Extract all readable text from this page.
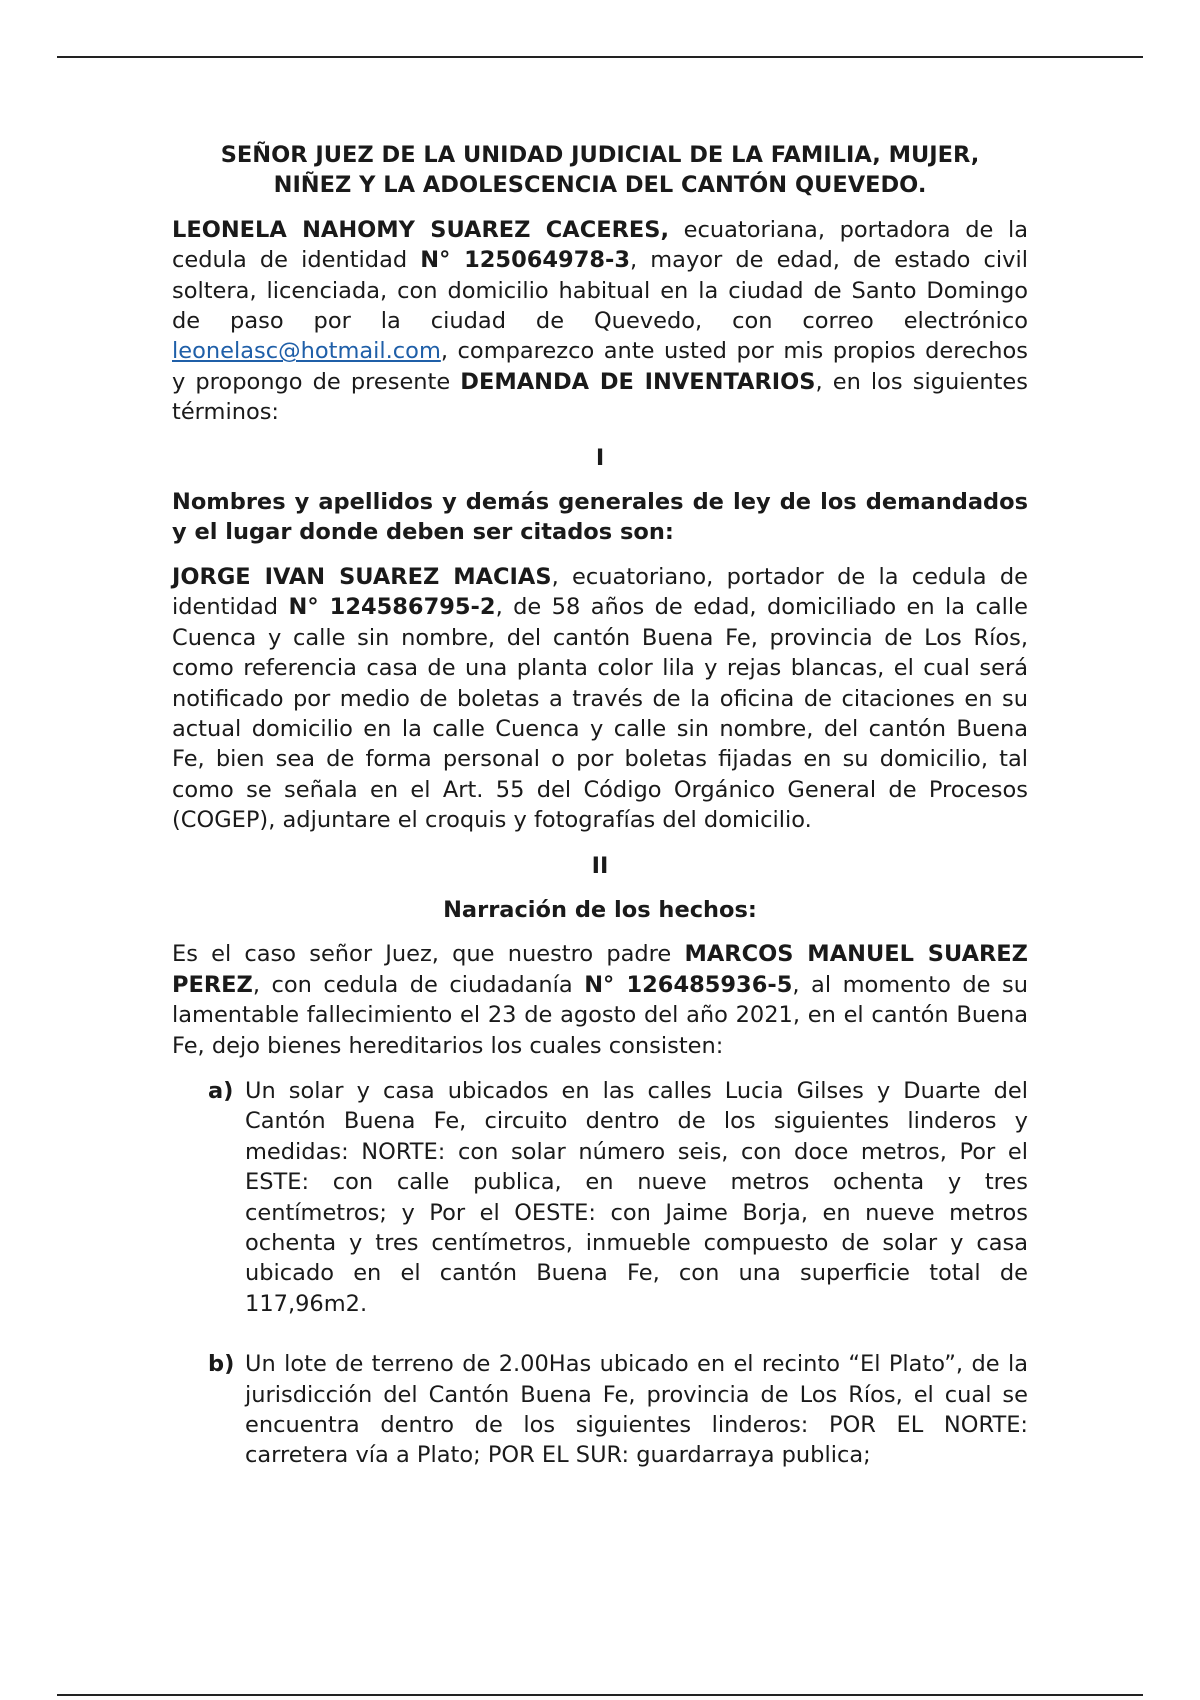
SEÑOR JUEZ DE LA UNIDAD JUDICIAL DE LA FAMILIA, MUJER,
NIÑEZ Y LA ADOLESCENCIA DEL CANTÓN QUEVEDO.

LEONELA NAHOMY SUAREZ CACERES, ecuatoriana, portadora de la cedula de identidad N° 125064978-3, mayor de edad, de estado civil soltera, licenciada, con domicilio habitual en la ciudad de Santo Domingo de paso por la ciudad de Quevedo, con correo electrónico leonelasc@hotmail.com, comparezco ante usted por mis propios derechos y propongo de presente DEMANDA DE INVENTARIOS, en los siguientes términos:

I

Nombres y apellidos y demás generales de ley de los demandados y el lugar donde deben ser citados son:

JORGE IVAN SUAREZ MACIAS, ecuatoriano, portador de la cedula de identidad N° 124586795-2, de 58 años de edad, domiciliado en la calle Cuenca y calle sin nombre, del cantón Buena Fe, provincia de Los Ríos, como referencia casa de una planta color lila y rejas blancas, el cual será notificado por medio de boletas a través de la oficina de citaciones en su actual domicilio en la calle Cuenca y calle sin nombre, del cantón Buena Fe, bien sea de forma personal o por boletas fijadas en su domicilio, tal como se señala en el Art. 55 del Código Orgánico General de Procesos (COGEP), adjuntare el croquis y fotografías del domicilio.

II
Narración de los hechos:

Es el caso señor Juez, que nuestro padre MARCOS MANUEL SUAREZ PEREZ, con cedula de ciudadanía N° 126485936-5, al momento de su lamentable fallecimiento el 23 de agosto del año 2021, en el cantón Buena Fe, dejo bienes hereditarios los cuales consisten:

a) Un solar y casa ubicados en las calles Lucia Gilses y Duarte del Cantón Buena Fe, circuito dentro de los siguientes linderos y medidas: NORTE: con solar número seis, con doce metros, Por el ESTE: con calle publica, en nueve metros ochenta y tres centímetros; y Por el OESTE: con Jaime Borja, en nueve metros ochenta y tres centímetros, inmueble compuesto de solar y casa ubicado en el cantón Buena Fe, con una superficie total de 117,96m2.
b) Un lote de terreno de 2.00Has ubicado en el recinto “El Plato”, de la jurisdicción del Cantón Buena Fe, provincia de Los Ríos, el cual se encuentra dentro de los siguientes linderos: POR EL NORTE: carretera vía a Plato; POR EL SUR: guardarraya publica;
